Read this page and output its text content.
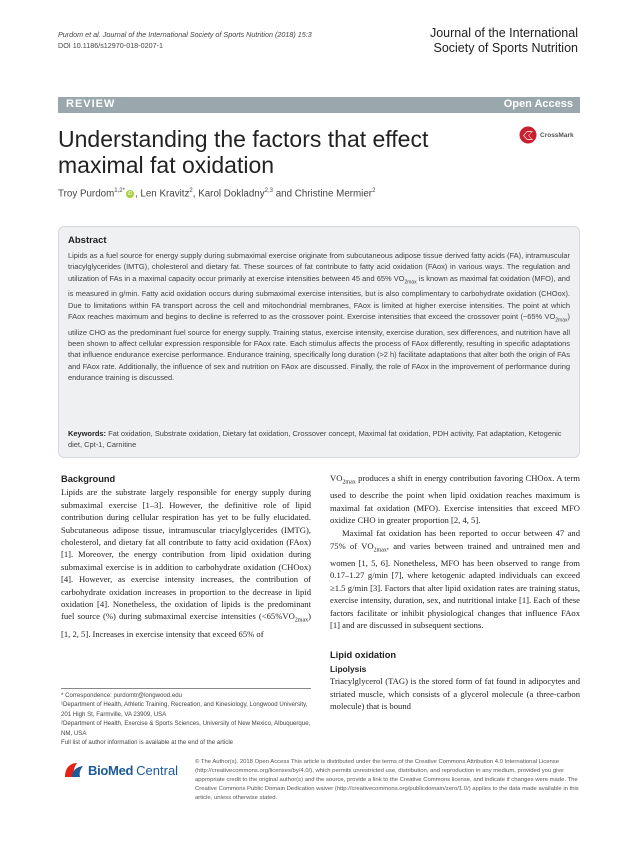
Purdom et al. Journal of the International Society of Sports Nutrition (2018) 15:3
DOI 10.1186/s12970-018-0207-1
Journal of the International
Society of Sports Nutrition
REVIEW	Open Access
Understanding the factors that effect
maximal fat oxidation
CrossMark
Troy Purdom$^{1,2*}$iD , Len Kravitz$^2$, Karol Dokladny$^{2,3}$ and Christine Mermier$^2$
Abstract
Lipids as a fuel source for energy supply during submaximal exercise originate from subcutaneous adipose tissue derived fatty acids (FA), intramuscular triacylglycerides (IMTG), cholesterol and dietary fat. These sources of fat contribute to fatty acid oxidation (FAox) in various ways. The regulation and utilization of FAs in a maximal capacity occur primarily at exercise intensities between 45 and 65% $VO_{2max}$ is known as maximal fat oxidation (MFO), and is measured in g/min. Fatty acid oxidation occurs during submaximal exercise intensities, but is also complimentary to carbohydrate oxidation (CHOox). Due to limitations within FA transport across the cell and mitochondrial membranes, FAox is limited at higher exercise intensities. The point at which FAox reaches maximum and begins to decline is referred to as the crossover point. Exercise intensities that exceed the crossover point (~65% $VO_{2max}$) utilize CHO as the predominant fuel source for energy supply. Training status, exercise intensity, exercise duration, sex differences, and nutrition have all been shown to affect cellular expression responsible for FAox rate. Each stimulus affects the process of FAox differently, resulting in specific adaptations that influence endurance exercise performance. Endurance training, specifically long duration (>2 h) facilitate adaptations that alter both the origin of FAs and FAox rate. Additionally, the influence of sex and nutrition on FAox are discussed. Finally, the role of FAox in the improvement of performance during endurance training is discussed.
Keywords: Fat oxidation, Substrate oxidation, Dietary fat oxidation, Crossover concept, Maximal fat oxidation, PDH activity, Fat adaptation, Ketogenic diet, Cpt-1, Carnitine
Background
Lipids are the substrate largely responsible for energy supply during submaximal exercise [1–3]. However, the definitive role of lipid contribution during cellular respiration has yet to be fully elucidated. Subcutaneous adipose tissue, intramuscular triacylglycerides (IMTG), cholesterol, and dietary fat all contribute to fatty acid oxidation (FAox) [1]. Moreover, the energy contribution from lipid oxidation during submaximal exercise is in addition to carbohydrate oxidation (CHOox) [4]. However, as exercise intensity increases, the contribution of carbohydrate oxidation increases in proportion to the decrease in lipid oxidation [4]. Nonetheless, the oxidation of lipids is the predominant fuel source (%) during submaximal exercise intensities $(<65\%VO_{2max})$ [1, 2, 5]. Increases in exercise intensity that exceed 65% of
* Correspondence: purdomtr@longwood.edu
¹Department of Health, Athletic Training, Recreation, and Kinesiology, Longwood University, 201 High St, Farmville, VA 23909, USA
²Department of Health, Exercise & Sports Sciences, University of New Mexico, Albuquerque, NM, USA
Full list of author information is available at the end of the article
$VO_{2max}$ produces a shift in energy contribution favoring CHOox. A term used to describe the point when lipid oxidation reaches maximum is maximal fat oxidation (MFO). Exercise intensities that exceed MFO oxidize CHO in greater proportion [2, 4, 5].
Maximal fat oxidation has been reported to occur between 47 and 75% of $VO_{2max}$, and varies between trained and untrained men and women [1, 5, 6]. Nonetheless, MFO has been observed to range from 0.17–1.27 g/min [7], where ketogenic adapted individuals can exceed ≥1.5 g/min [3]. Factors that alter lipid oxidation rates are training status, exercise intensity, duration, sex, and nutritional intake [1]. Each of these factors facilitate or inhibit physiological changes that influence FAox [1] and are discussed in subsequent sections.
Lipid oxidation
Lipolysis
Triacylglycerol (TAG) is the stored form of fat found in adipocytes and striated muscle, which consists of a glycerol molecule (a three-carbon molecule) that is bound
BioMed Central
© The Author(s). 2018 Open Access This article is distributed under the terms of the Creative Commons Attribution 4.0 International License (http://creativecommons.org/licenses/by/4.0/), which permits unrestricted use, distribution, and reproduction in any medium, provided you give appropriate credit to the original author(s) and the source, provide a link to the Creative Commons license, and indicate if changes were made. The Creative Commons Public Domain Dedication waiver (http://creativecommons.org/publicdomain/zero/1.0/) applies to the data made available in this article, unless otherwise stated.
